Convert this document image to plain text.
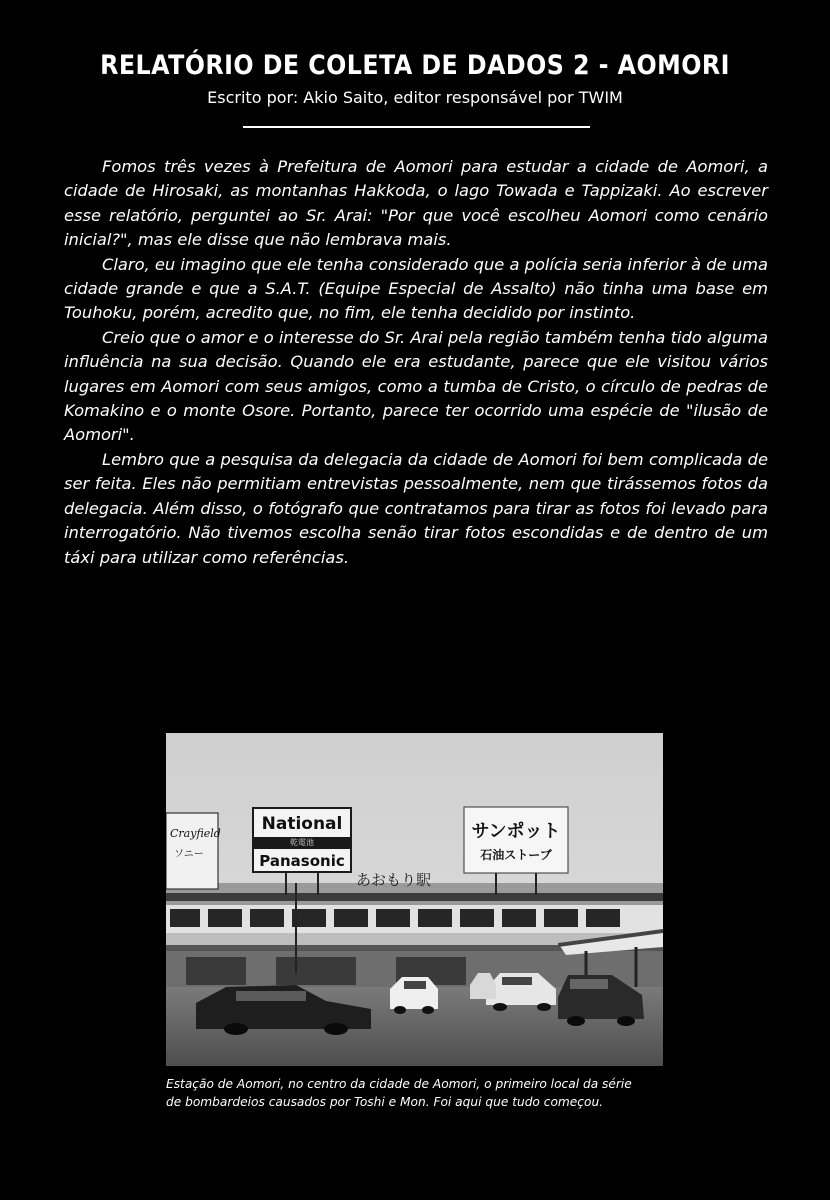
RELATÓRIO DE COLETA DE DADOS 2 - AOMORI
Escrito por: Akio Saito, editor responsável por TWIM

Fomos três vezes à Prefeitura de Aomori para estudar a cidade de Aomori, a cidade de Hirosaki, as montanhas Hakkoda, o lago Towada e Tappizaki. Ao escrever esse relatório, perguntei ao Sr. Arai: "Por que você escolheu Aomori como cenário inicial?", mas ele disse que não lembrava mais.

Claro, eu imagino que ele tenha considerado que a polícia seria inferior à de uma cidade grande e que a S.A.T. (Equipe Especial de Assalto) não tinha uma base em Touhoku, porém, acredito que, no fim, ele tenha decidido por instinto.

Creio que o amor e o interesse do Sr. Arai pela região também tenha tido alguma influência na sua decisão. Quando ele era estudante, parece que ele visitou vários lugares em Aomori com seus amigos, como a tumba de Cristo, o círculo de pedras de Komakino e o monte Osore. Portanto, parece ter ocorrido uma espécie de "ilusão de Aomori".

Lembro que a pesquisa da delegacia da cidade de Aomori foi bem complicada de ser feita. Eles não permitiam entrevistas pessoalmente, nem que tirássemos fotos da delegacia. Além disso, o fotógrafo que contratamos para tirar as fotos foi levado para interrogatório. Não tivemos escolha senão tirar fotos escondidas e de dentro de um táxi para utilizar como referências.

Crayfield
ソニー
National
乾電池
Panasonic
サンポット
石油ストーブ
あおもり駅
Estação de Aomori, no centro da cidade de Aomori, o primeiro local da série
de bombardeios causados por Toshi e Mon. Foi aqui que tudo começou.
